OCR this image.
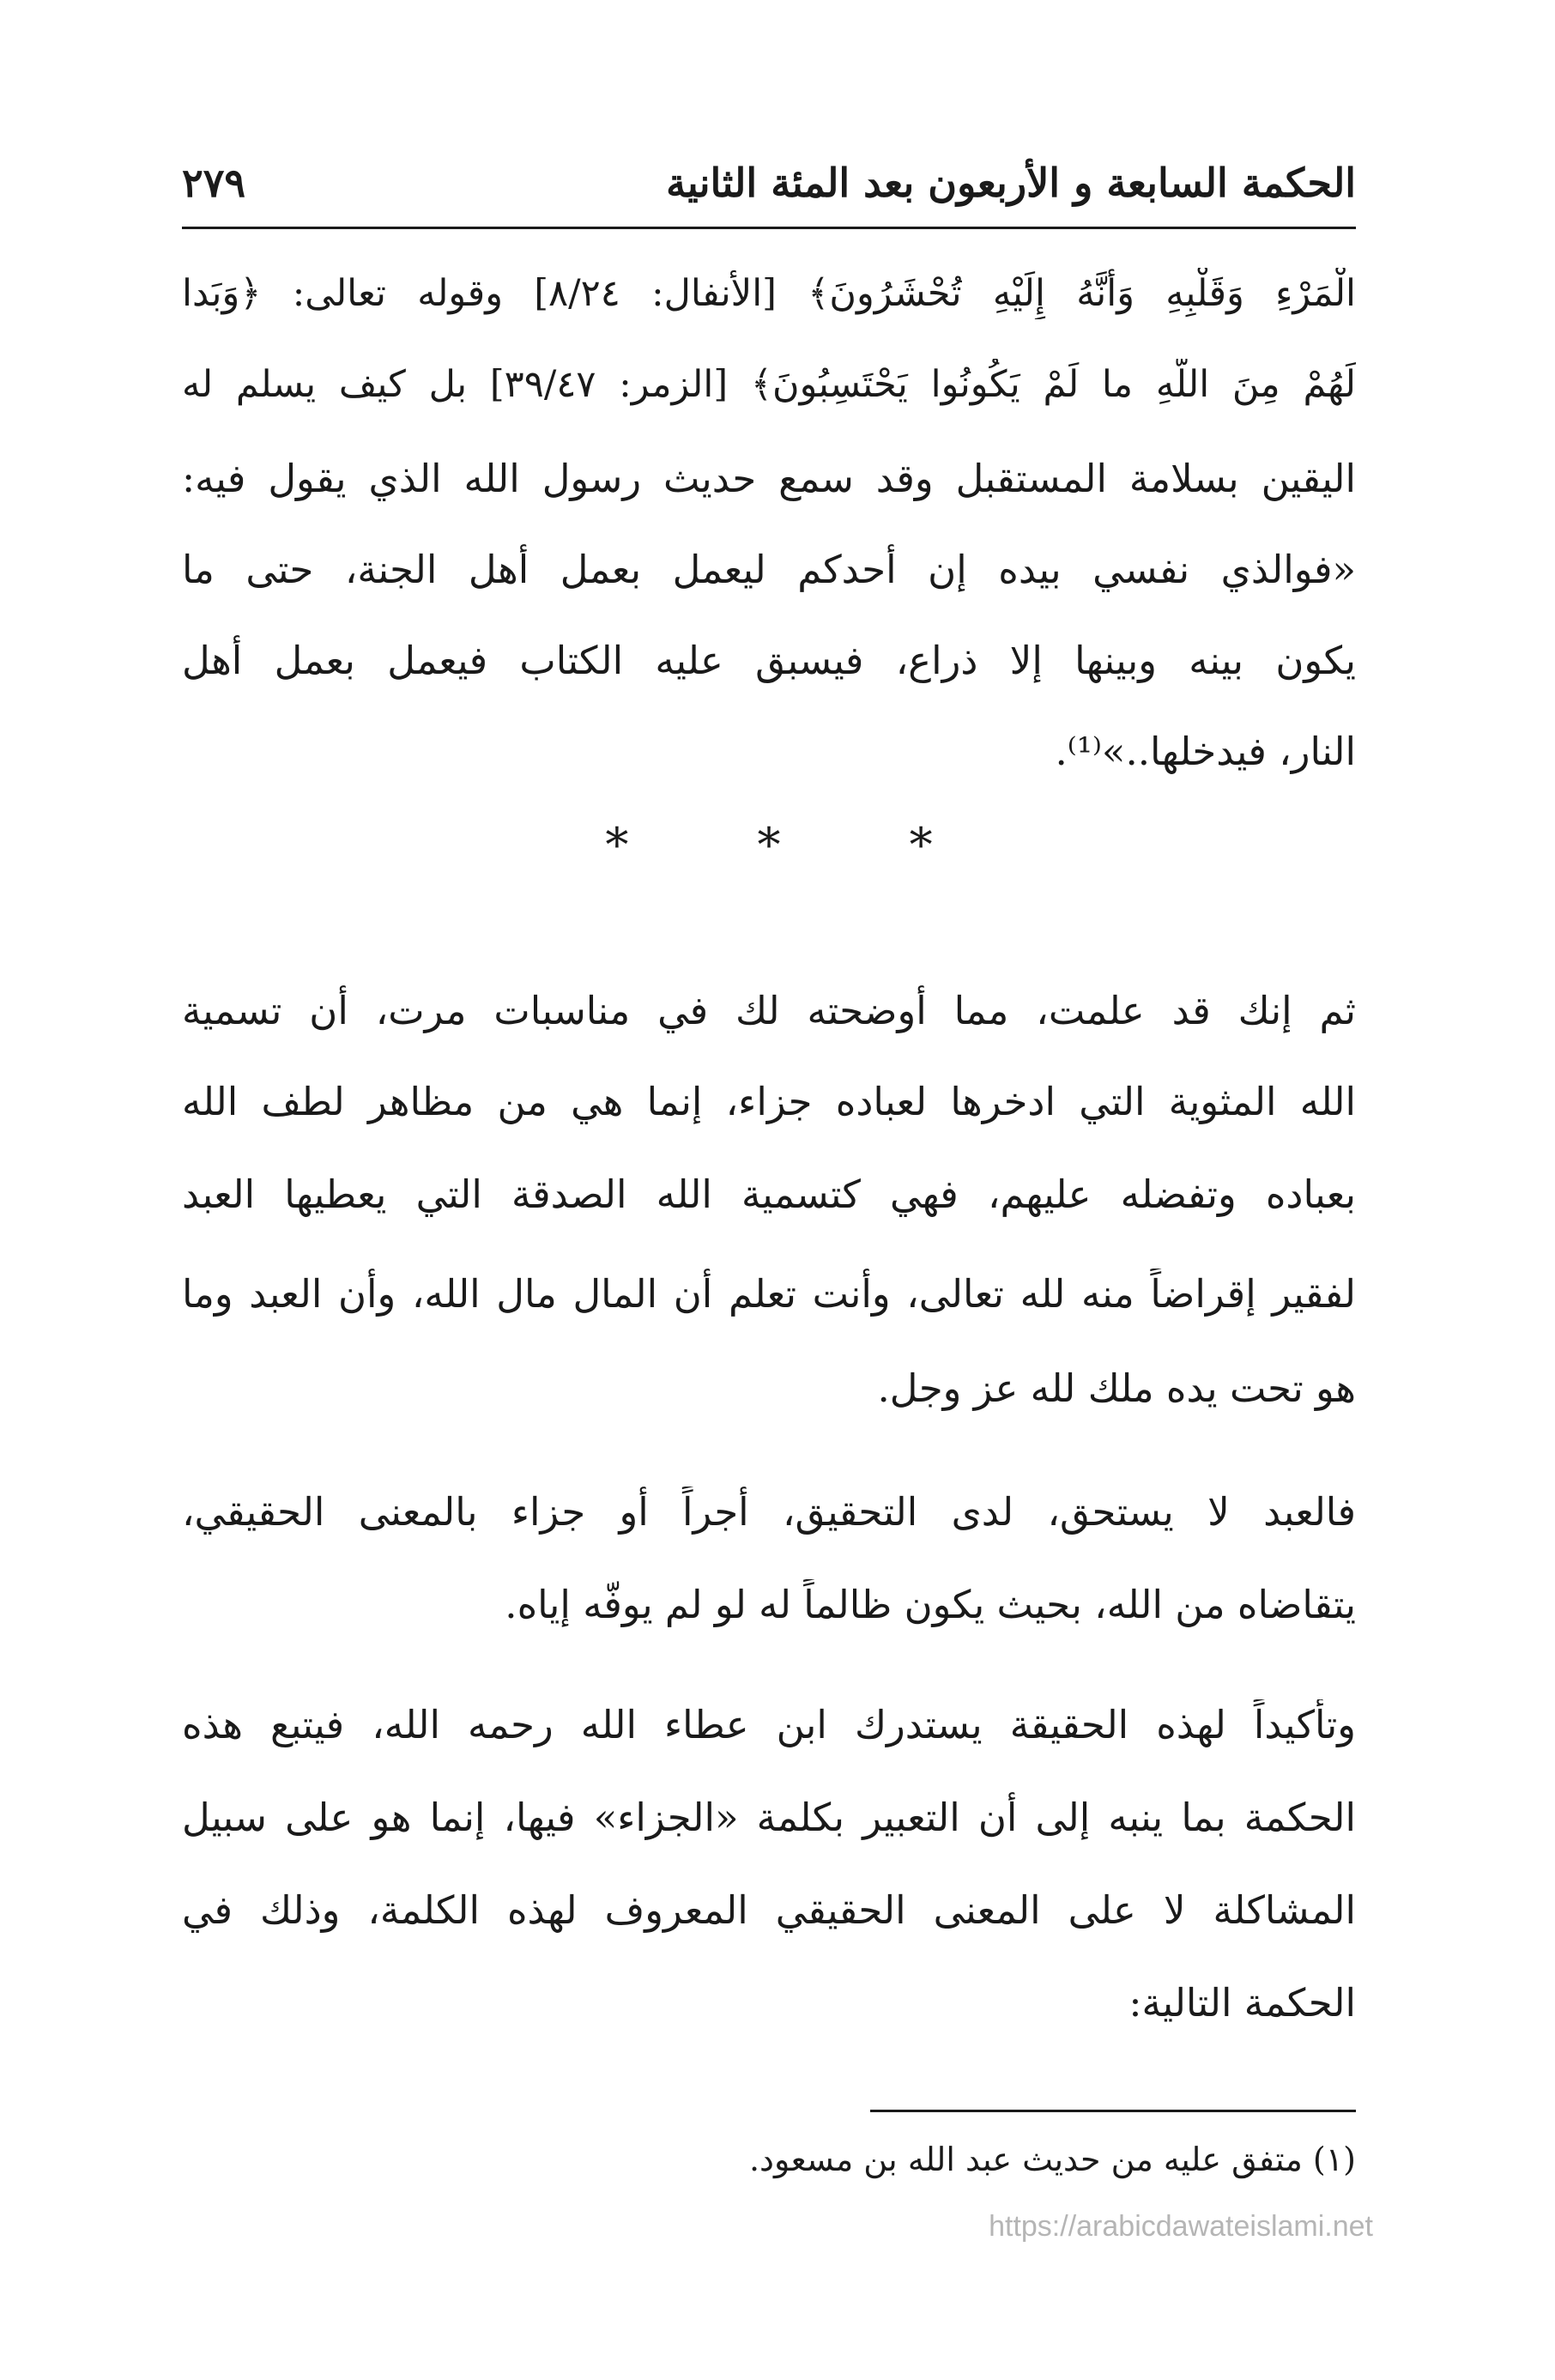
الحكمة السابعة و الأربعون بعد المئة الثانية
٢٧٩
الْمَرْءِ وَقَلْبِهِ وَأَنَّهُ إِلَيْهِ تُحْشَرُونَ﴾ [الأنفال: ٨/٢٤] وقوله تعالى: ﴿وَبَدا
لَهُمْ مِنَ اللَّهِ ما لَمْ يَكُونُوا يَحْتَسِبُونَ﴾ [الزمر: ٣٩/٤٧] بل كيف يسلم له
اليقين بسلامة المستقبل وقد سمع حديث رسول الله الذي يقول فيه:
«فوالذي نفسي بيده إن أحدكم ليعمل بعمل أهل الجنة، حتى ما
يكون بينه وبينها إلا ذراع، فيسبق عليه الكتاب فيعمل بعمل أهل
النار، فيدخلها..»⁽¹⁾.
*	*	*
ثم إنك قد علمت، مما أوضحته لك في مناسبات مرت، أن تسمية
الله المثوية التي ادخرها لعباده جزاء، إنما هي من مظاهر لطف الله
بعباده وتفضله عليهم، فهي كتسمية الله الصدقة التي يعطيها العبد
لفقير إقراضاً منه لله تعالى، وأنت تعلم أن المال مال الله، وأن العبد وما
هو تحت يده ملك لله عز وجل.
فالعبد لا يستحق، لدى التحقيق، أجراً أو جزاء بالمعنى الحقيقي،
يتقاضاه من الله، بحيث يكون ظالماً له لو لم يوفّه إياه.
وتأكيداً لهذه الحقيقة يستدرك ابن عطاء الله رحمه الله، فيتبع هذه
الحكمة بما ينبه إلى أن التعبير بكلمة «الجزاء» فيها، إنما هو على سبيل
المشاكلة لا على المعنى الحقيقي المعروف لهذه الكلمة، وذلك في
الحكمة التالية:
(١) متفق عليه من حديث عبد الله بن مسعود.
https://arabicdawateislami.net
